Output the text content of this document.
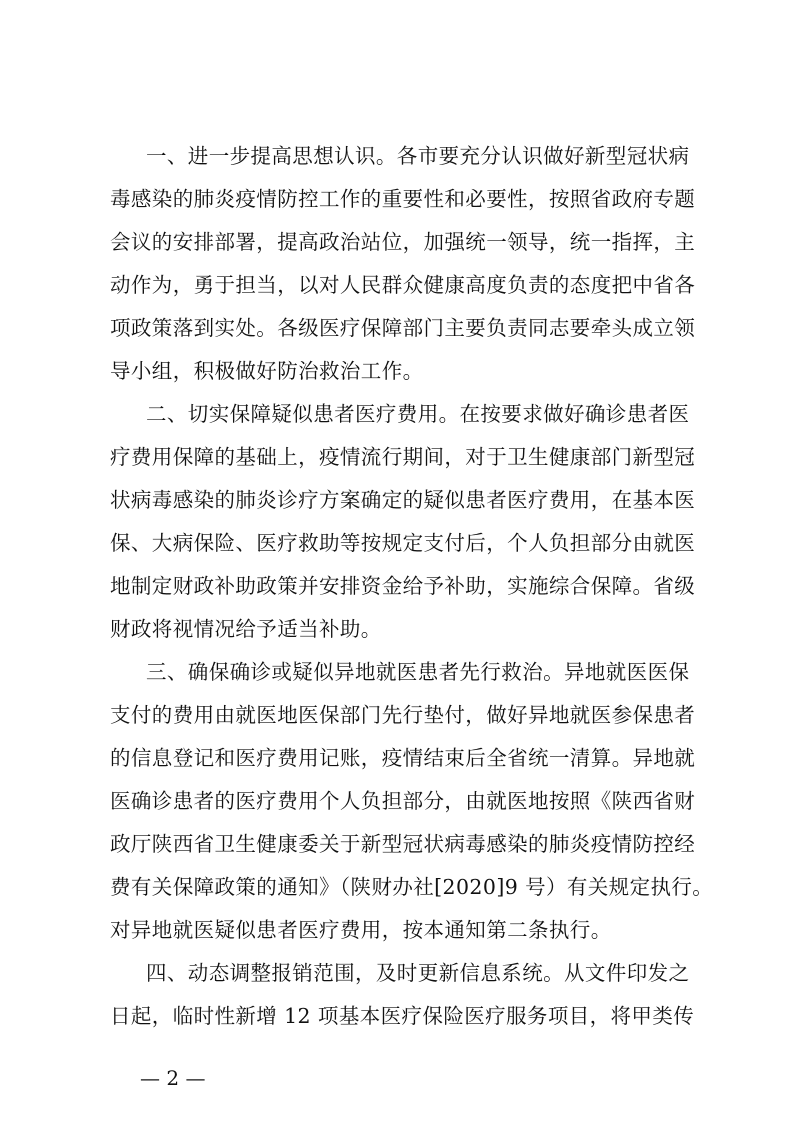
一、进一步提高思想认识。各市要充分认识做好新型冠状病
毒感染的肺炎疫情防控工作的重要性和必要性，按照省政府专题
会议的安排部署，提高政治站位，加强统一领导，统一指挥，主
动作为，勇于担当，以对人民群众健康高度负责的态度把中省各
项政策落到实处。各级医疗保障部门主要负责同志要牵头成立领
导小组，积极做好防治救治工作。
二、切实保障疑似患者医疗费用。在按要求做好确诊患者医
疗费用保障的基础上，疫情流行期间，对于卫生健康部门新型冠
状病毒感染的肺炎诊疗方案确定的疑似患者医疗费用，在基本医
保、大病保险、医疗救助等按规定支付后，个人负担部分由就医
地制定财政补助政策并安排资金给予补助，实施综合保障。省级
财政将视情况给予适当补助。
三、确保确诊或疑似异地就医患者先行救治。异地就医医保
支付的费用由就医地医保部门先行垫付，做好异地就医参保患者
的信息登记和医疗费用记账，疫情结束后全省统一清算。异地就
医确诊患者的医疗费用个人负担部分，由就医地按照《陕西省财
政厅陕西省卫生健康委关于新型冠状病毒感染的肺炎疫情防控经
费有关保障政策的通知》（陕财办社[2020]9 号）有关规定执行。
对异地就医疑似患者医疗费用，按本通知第二条执行。
四、动态调整报销范围，及时更新信息系统。从文件印发之
日起，临时性新增 12 项基本医疗保险医疗服务项目，将甲类传
— 2 —
